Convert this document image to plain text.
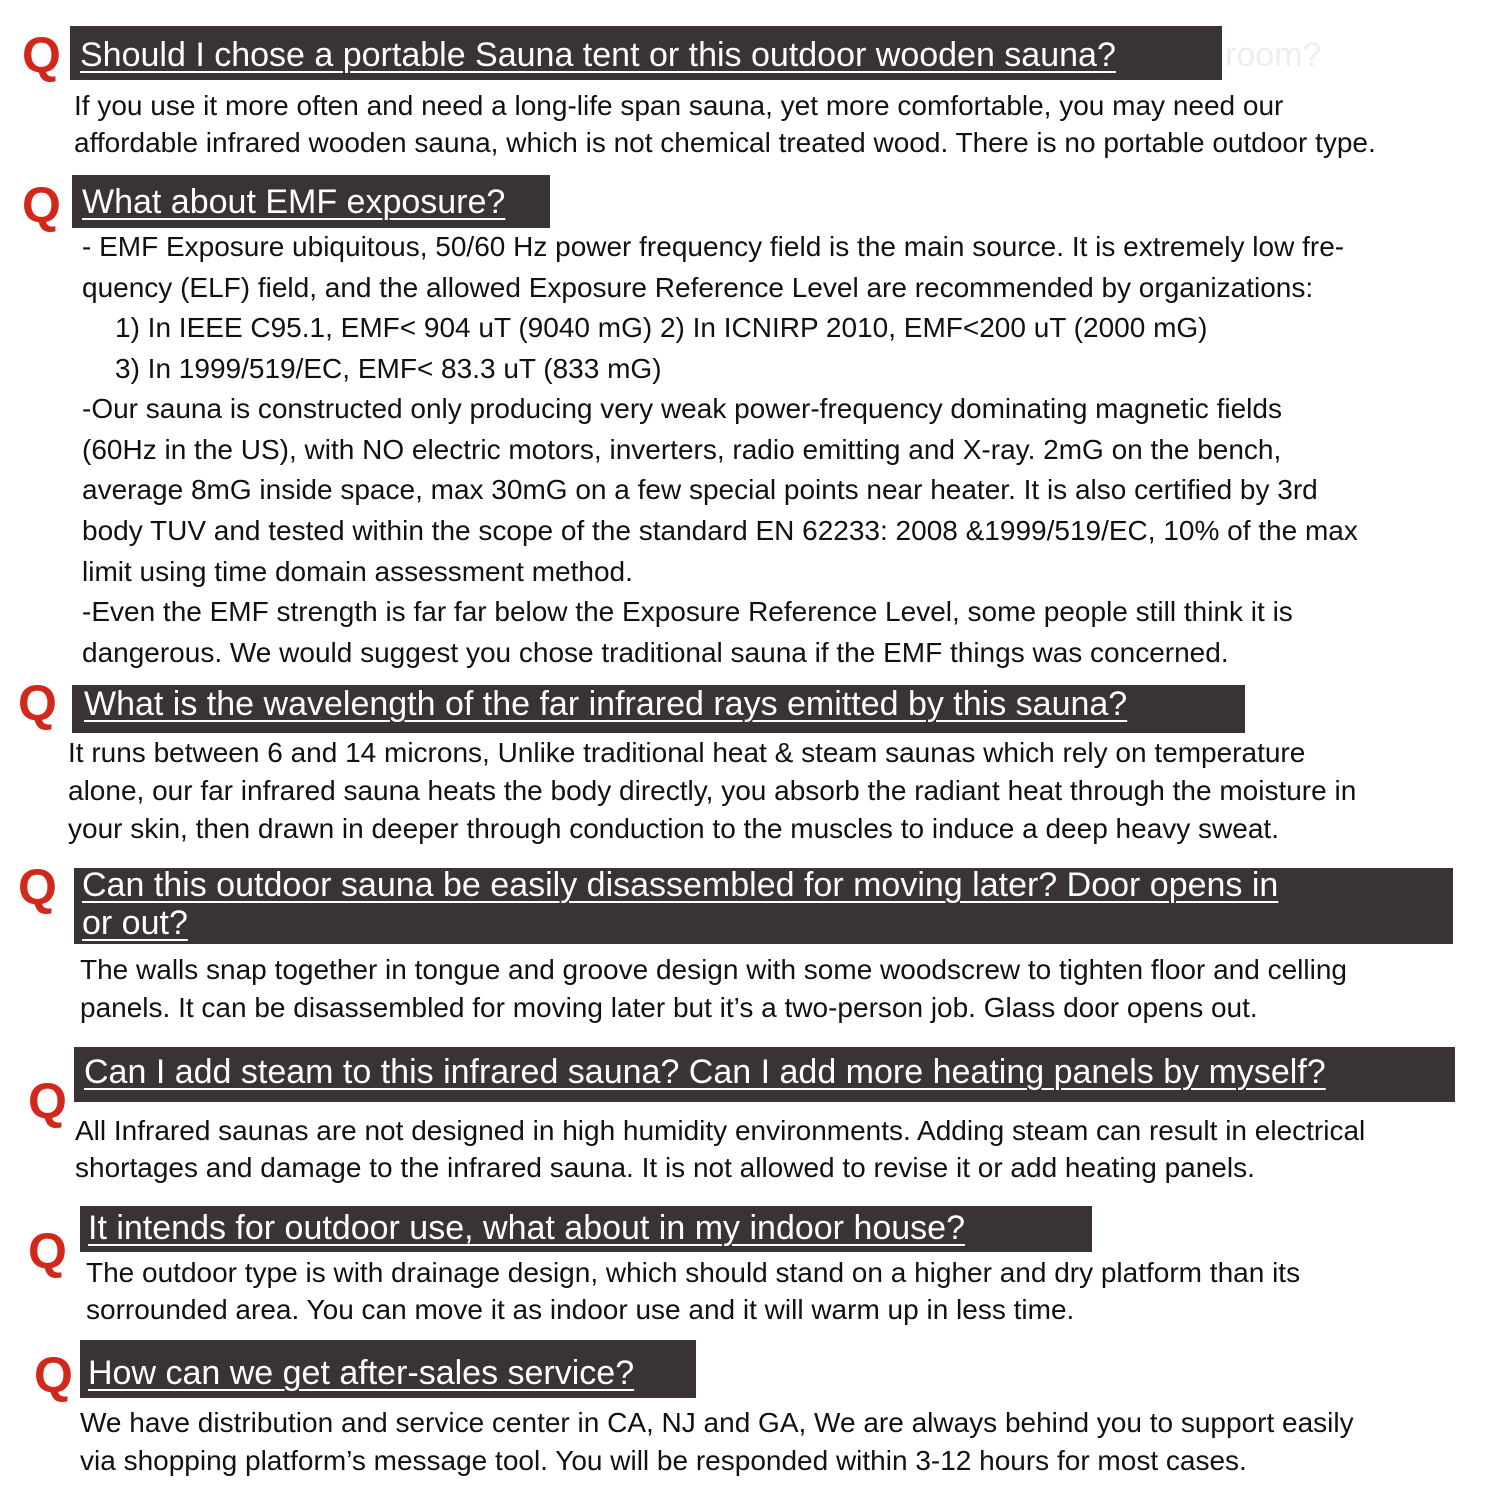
Q Should I chose a portable Sauna tent or this outdoor wooden sauna?	room?
If you use it more often and need a long-life span sauna, yet more comfortable, you may need our
affordable infrared wooden sauna, which is not chemical treated wood. There is no portable outdoor type.
Q What about EMF exposure?
- EMF Exposure ubiquitous, 50/60 Hz power frequency field is the main source. It is extremely low fre-
quency (ELF) field, and the allowed Exposure Reference Level are recommended by organizations:
1) In IEEE C95.1, EMF< 904 uT (9040 mG) 2) In ICNIRP 2010, EMF<200 uT (2000 mG)
3) In 1999/519/EC, EMF< 83.3 uT (833 mG)
-Our sauna is constructed only producing very weak power-frequency dominating magnetic fields
(60Hz in the US), with NO electric motors, inverters, radio emitting and X-ray. 2mG on the bench,
average 8mG inside space, max 30mG on a few special points near heater. It is also certified by 3rd
body TUV and tested within the scope of the standard EN 62233: 2008 &1999/519/EC, 10% of the max
limit using time domain assessment method.
-Even the EMF strength is far far below the Exposure Reference Level, some people still think it is
dangerous. We would suggest you chose traditional sauna if the EMF things was concerned.
Q What is the wavelength of the far infrared rays emitted by this sauna?
It runs between 6 and 14 microns, Unlike traditional heat & steam saunas which rely on temperature
alone, our far infrared sauna heats the body directly, you absorb the radiant heat through the moisture in
your skin, then drawn in deeper through conduction to the muscles to induce a deep heavy sweat.
Q Can this outdoor sauna be easily disassembled for moving later? Door opens in
or out?
The walls snap together in tongue and groove design with some woodscrew to tighten floor and celling
panels. It can be disassembled for moving later but it’s a two-person job. Glass door opens out.
Q
Can I add steam to this infrared sauna? Can I add more heating panels by myself?
All Infrared saunas are not designed in high humidity environments. Adding steam can result in electrical
shortages and damage to the infrared sauna. It is not allowed to revise it or add heating panels.
Q It intends for outdoor use, what about in my indoor house?
The outdoor type is with drainage design, which should stand on a higher and dry platform than its
sorrounded area. You can move it as indoor use and it will warm up in less time.
Q How can we get after-sales service?
We have distribution and service center in CA, NJ and GA, We are always behind you to support easily
via shopping platform’s message tool. You will be responded within 3-12 hours for most cases.
